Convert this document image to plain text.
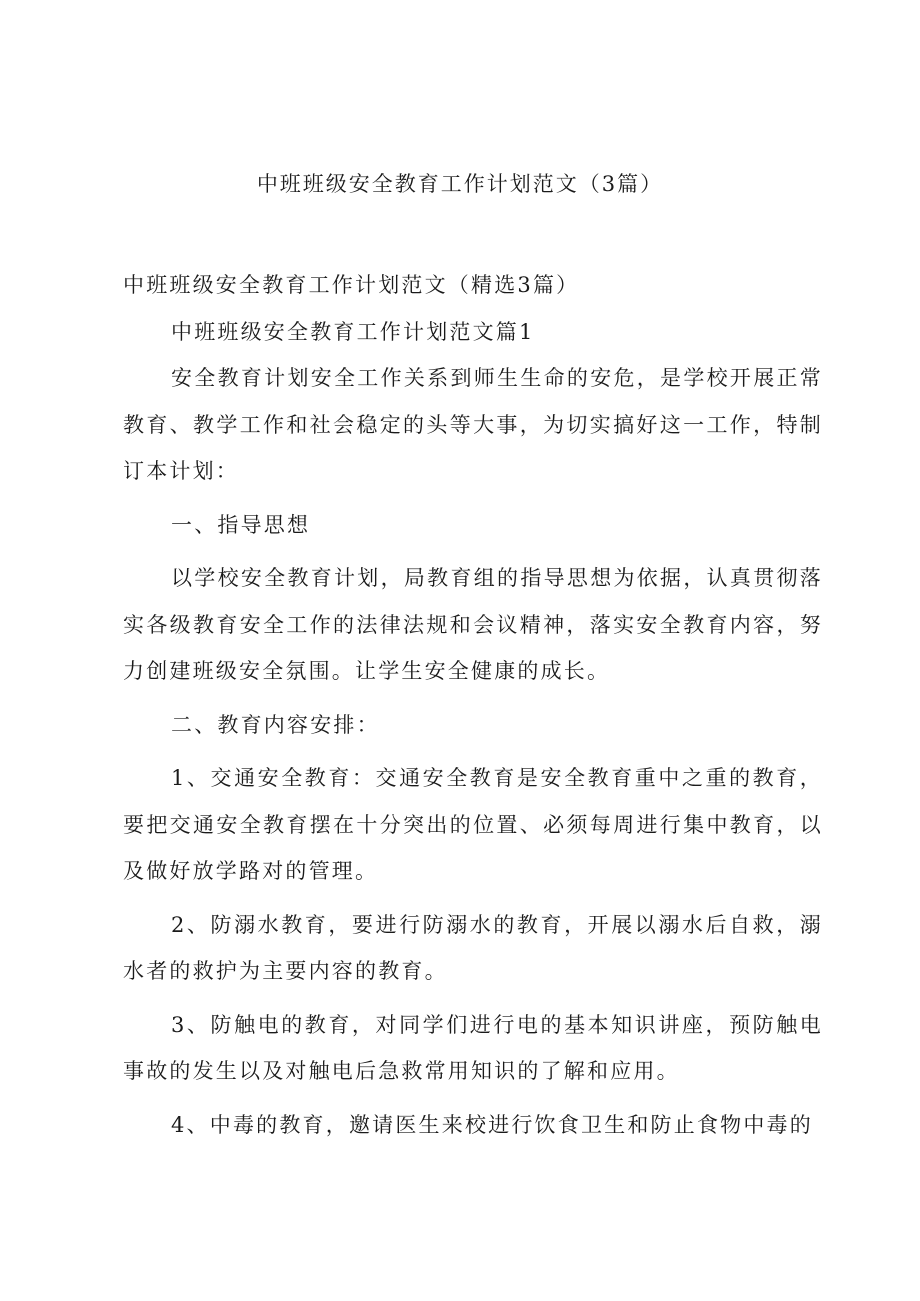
中班班级安全教育工作计划范文（3篇）

中班班级安全教育工作计划范文（精选3篇）

中班班级安全教育工作计划范文篇1

安全教育计划安全工作关系到师生生命的安危，是学校开展正常教育、教学工作和社会稳定的头等大事，为切实搞好这一工作，特制订本计划：

一、指导思想

以学校安全教育计划，局教育组的指导思想为依据，认真贯彻落实各级教育安全工作的法律法规和会议精神，落实安全教育内容，努力创建班级安全氛围。让学生安全健康的成长。

二、教育内容安排：

1、交通安全教育：交通安全教育是安全教育重中之重的教育，要把交通安全教育摆在十分突出的位置、必须每周进行集中教育，以及做好放学路对的管理。

2、防溺水教育，要进行防溺水的教育，开展以溺水后自救，溺水者的救护为主要内容的教育。

3、防触电的教育，对同学们进行电的基本知识讲座，预防触电事故的发生以及对触电后急救常用知识的了解和应用。

4、中毒的教育，邀请医生来校进行饮食卫生和防止食物中毒的
